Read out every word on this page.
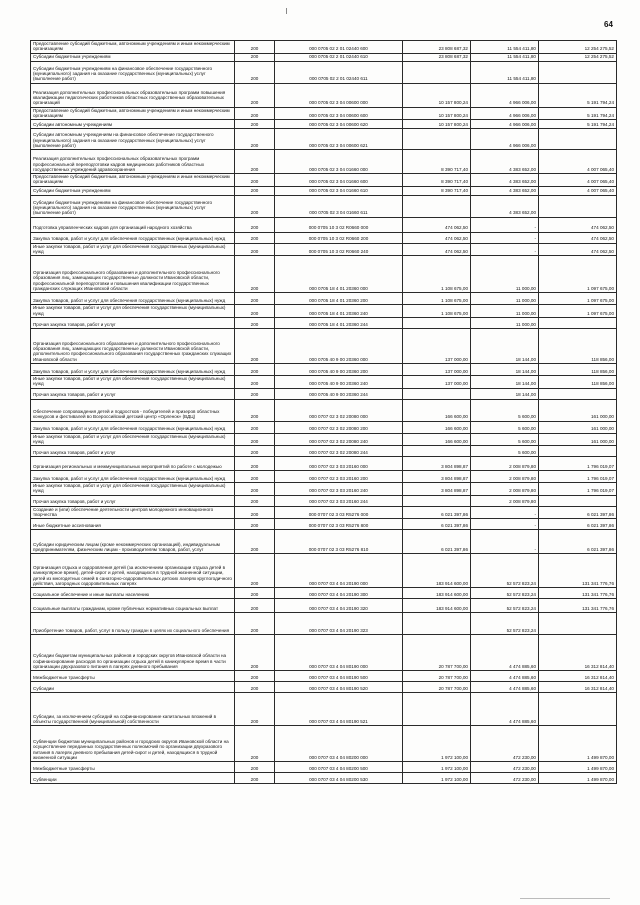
64
Предоставление субсидий бюджетным, автономным учреждениям и иным некоммерческим организациям	200	000 0705 02 2 01 02440 600	23 808 687,32	11 554 411,80	12 254 275,52
Субсидии бюджетным учреждениям	200	000 0705 02 2 01 02440 610	23 808 687,32	11 554 411,80	12 254 275,52
Субсидии бюджетным учреждениям на финансовое обеспечение государственного (муниципального) задания на оказание государственных (муниципальных) услуг (выполнение работ)	200	000 0705 02 2 01 02440 611		11 554 411,80	
Реализация дополнительных профессиональных образовательных программ повышения квалификации педагогических работников областных государственных образовательных организаций	200	000 0705 02 3 04 00600 000	10 157 800,24	4 966 006,00	5 191 794,24
Предоставление субсидий бюджетным, автономным учреждениям и иным некоммерческим организациям	200	000 0705 02 3 04 00600 600	10 157 800,24	4 966 006,00	5 191 794,24
Субсидии автономным учреждениям	200	000 0705 02 3 04 00600 620	10 157 800,24	4 966 006,00	5 191 794,24
Субсидии автономным учреждениям на финансовое обеспечение государственного (муниципального) задания на оказание государственных (муниципальных) услуг (выполнение работ)	200	000 0705 02 3 04 00600 621		4 966 006,00	
Реализация дополнительных профессиональных образовательных программ профессиональной переподготовки кадров медицинских работников областных государственных учреждений здравоохранения	200	000 0705 02 3 04 01660 000	8 390 717,40	4 383 652,00	4 007 065,40
Предоставление субсидий бюджетным, автономным учреждениям и иным некоммерческим организациям	200	000 0705 02 3 04 01660 600	8 390 717,40	4 383 652,00	4 007 065,40
Субсидии бюджетным учреждениям	200	000 0705 02 3 04 01660 610	8 390 717,40	4 383 652,00	4 007 065,40
Субсидии бюджетным учреждениям на финансовое обеспечение государственного (муниципального) задания на оказание государственных (муниципальных) услуг (выполнение работ)	200	000 0705 02 3 04 01660 611		4 383 652,00	
Подготовка управленческих кадров для организаций народного хозяйства	200	000 0705 10 3 02 R0660 000	474 062,50	-	474 062,50
Закупка товаров, работ и услуг для обеспечения государственных (муниципальных) нужд	200	000 0705 10 3 02 R0660 200	474 062,50	-	474 062,50
Иные закупки товаров, работ и услуг для обеспечения государственных (муниципальных) нужд	200	000 0705 10 3 02 R0660 240	474 062,50	-	474 062,50
Организация профессионального образования и дополнительного профессионального образования лиц, замещающих государственные должности Ивановской области, профессиональной переподготовки и повышения квалификации государственных гражданских служащих Ивановской области	200	000 0705 18 4 01 20360 000	1 108 675,00	11 000,00	1 097 675,00
Закупка товаров, работ и услуг для обеспечения государственных (муниципальных) нужд	200	000 0705 18 4 01 20360 200	1 108 675,00	11 000,00	1 097 675,00
Иные закупки товаров, работ и услуг для обеспечения государственных (муниципальных) нужд	200	000 0705 18 4 01 20360 240	1 108 675,00	11 000,00	1 097 675,00
Прочая закупка товаров, работ и услуг	200	000 0705 18 4 01 20360 244		11 000,00	
Организация профессионального образования и дополнительного профессионального образования лиц, замещающих государственные должности Ивановской области, дополнительного профессионального образования государственных гражданских служащих Ивановской области	200	000 0705 40 9 00 20360 000	137 000,00	18 144,00	118 856,00
Закупка товаров, работ и услуг для обеспечения государственных (муниципальных) нужд	200	000 0705 40 9 00 20360 200	137 000,00	18 144,00	118 856,00
Иные закупки товаров, работ и услуг для обеспечения государственных (муниципальных) нужд	200	000 0705 40 9 00 20360 240	137 000,00	18 144,00	118 856,00
Прочая закупка товаров, работ и услуг	200	000 0705 40 9 00 20360 244		18 144,00	
Обеспечение сопровождения детей и подростков - победителей и призеров областных конкурсов и фестивалей во Всероссийский детский центр «Орленок» (ВДЦ)	200	000 0707 02 3 02 20080 000	166 600,00	5 600,00	161 000,00
Закупка товаров, работ и услуг для обеспечения государственных (муниципальных) нужд	200	000 0707 02 3 02 20080 200	166 600,00	5 600,00	161 000,00
Иные закупки товаров, работ и услуг для обеспечения государственных (муниципальных) нужд	200	000 0707 02 3 02 20080 240	166 600,00	5 600,00	161 000,00
Прочая закупка товаров, работ и услуг	200	000 0707 02 3 02 20080 244		5 600,00	
Организация региональных и межмуниципальных мероприятий по работе с молодежью	200	000 0707 02 3 03 20160 000	3 804 898,87	2 008 879,80	1 796 019,07
Закупка товаров, работ и услуг для обеспечения государственных (муниципальных) нужд	200	000 0707 02 3 03 20160 200	3 804 898,87	2 008 879,80	1 796 019,07
Иные закупки товаров, работ и услуг для обеспечения государственных (муниципальных) нужд	200	000 0707 02 3 03 20160 240	3 804 898,87	2 008 879,80	1 796 019,07
Прочая закупка товаров, работ и услуг	200	000 0707 02 3 03 20160 244		2 008 879,80	
Создание и (или) обеспечение деятельности центров молодежного инновационного творчества	200	000 0707 02 3 03 R5276 000	6 021 397,86	-	6 021 397,86
Иные бюджетные ассигнования	200	000 0707 02 3 03 R5276 800	6 021 397,86	-	6 021 397,86
Субсидии юридическим лицам (кроме некоммерческих организаций), индивидуальным предпринимателям, физическим лицам - производителям товаров, работ, услуг	200	000 0707 02 3 03 R5276 810	6 021 397,86	-	6 021 397,86
Организация отдыха и оздоровления детей (за исключением организации отдыха детей в каникулярное время), детей-сирот и детей, находящихся в трудной жизненной ситуации, детей из многодетных семей в санаторно-оздоровительных детских лагерях круглогодичного действия, загородных оздоровительных лагерях	200	000 0707 03 4 04 20190 000	183 914 600,00	52 572 823,24	131 341 776,76
Социальное обеспечение и иные выплаты населению	200	000 0707 03 4 04 20190 300	183 914 600,00	52 572 823,24	131 341 776,76
Социальные выплаты гражданам, кроме публичных нормативных социальных выплат	200	000 0707 03 4 04 20190 320	183 914 600,00	52 572 823,24	131 341 776,76
Приобретение товаров, работ, услуг в пользу граждан в целях их социального обеспечения	200	000 0707 03 4 04 20190 323		52 572 823,24	
Субсидии бюджетам муниципальных районов и городских округов Ивановской области на софинансирование расходов по организации отдыха детей в каникулярное время в части организации двухразового питания в лагерях дневного пребывания	200	000 0707 03 4 04 80190 000	20 787 700,00	4 474 885,60	16 312 814,40
Межбюджетные трансферты	200	000 0707 03 4 04 80190 500	20 787 700,00	4 474 885,60	16 312 814,40
Субсидии	200	000 0707 03 4 04 80190 520	20 787 700,00	4 474 885,60	16 312 814,40
Субсидии, за исключением субсидий на софинансирование капитальных вложений в объекты государственной (муниципальной) собственности	200	000 0707 03 4 04 80190 521		4 474 885,60	
Субвенции бюджетам муниципальных районов и городских округов Ивановской области на осуществление переданных государственных полномочий по организации двухразового питания в лагерях дневного пребывания детей-сирот и детей, находящихся в трудной жизненной ситуации	200	000 0707 03 4 04 80200 000	1 972 100,00	472 230,00	1 499 870,00
Межбюджетные трансферты	200	000 0707 03 4 04 80200 500	1 972 100,00	472 230,00	1 499 870,00
Субвенции	200	000 0707 03 4 04 80200 530	1 972 100,00	472 230,00	1 499 870,00
